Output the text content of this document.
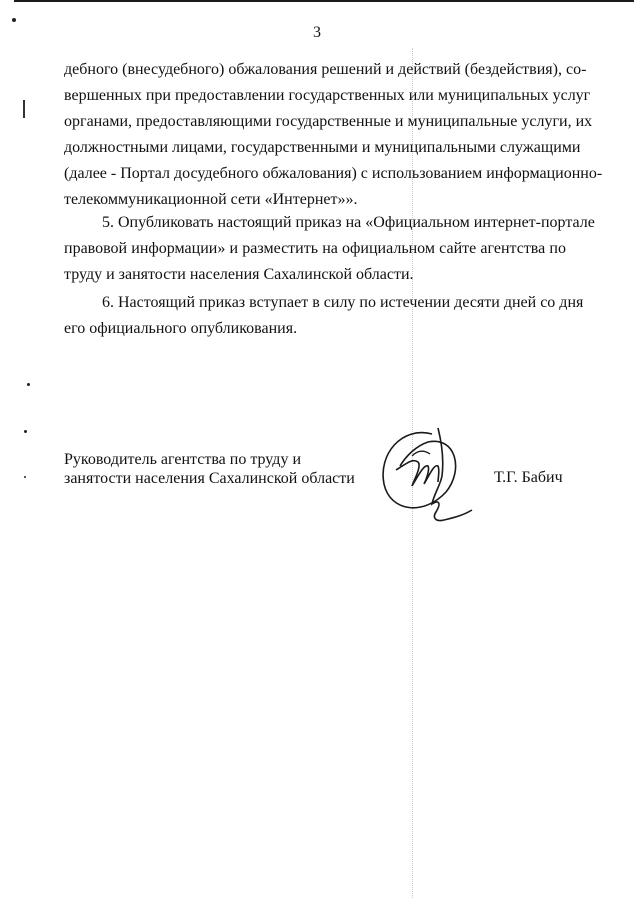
3
дебного (внесудебного) обжалования решений и действий (бездействия), со-
вершенных при предоставлении государственных или муниципальных услуг
органами, предоставляющими государственные и муниципальные услуги, их
должностными лицами, государственными и муниципальными служащими
(далее - Портал досудебного обжалования) с использованием информационно-
телекоммуникационной сети «Интернет»».
5. Опубликовать настоящий приказ на «Официальном интернет-портале
правовой информации» и разместить на официальном сайте агентства по
труду и занятости населения Сахалинской области.
6. Настоящий приказ вступает в силу по истечении десяти дней со дня
его официального опубликования.
Руководитель агентства по труду и
занятости населения Сахалинской области	Т.Г. Бабич
